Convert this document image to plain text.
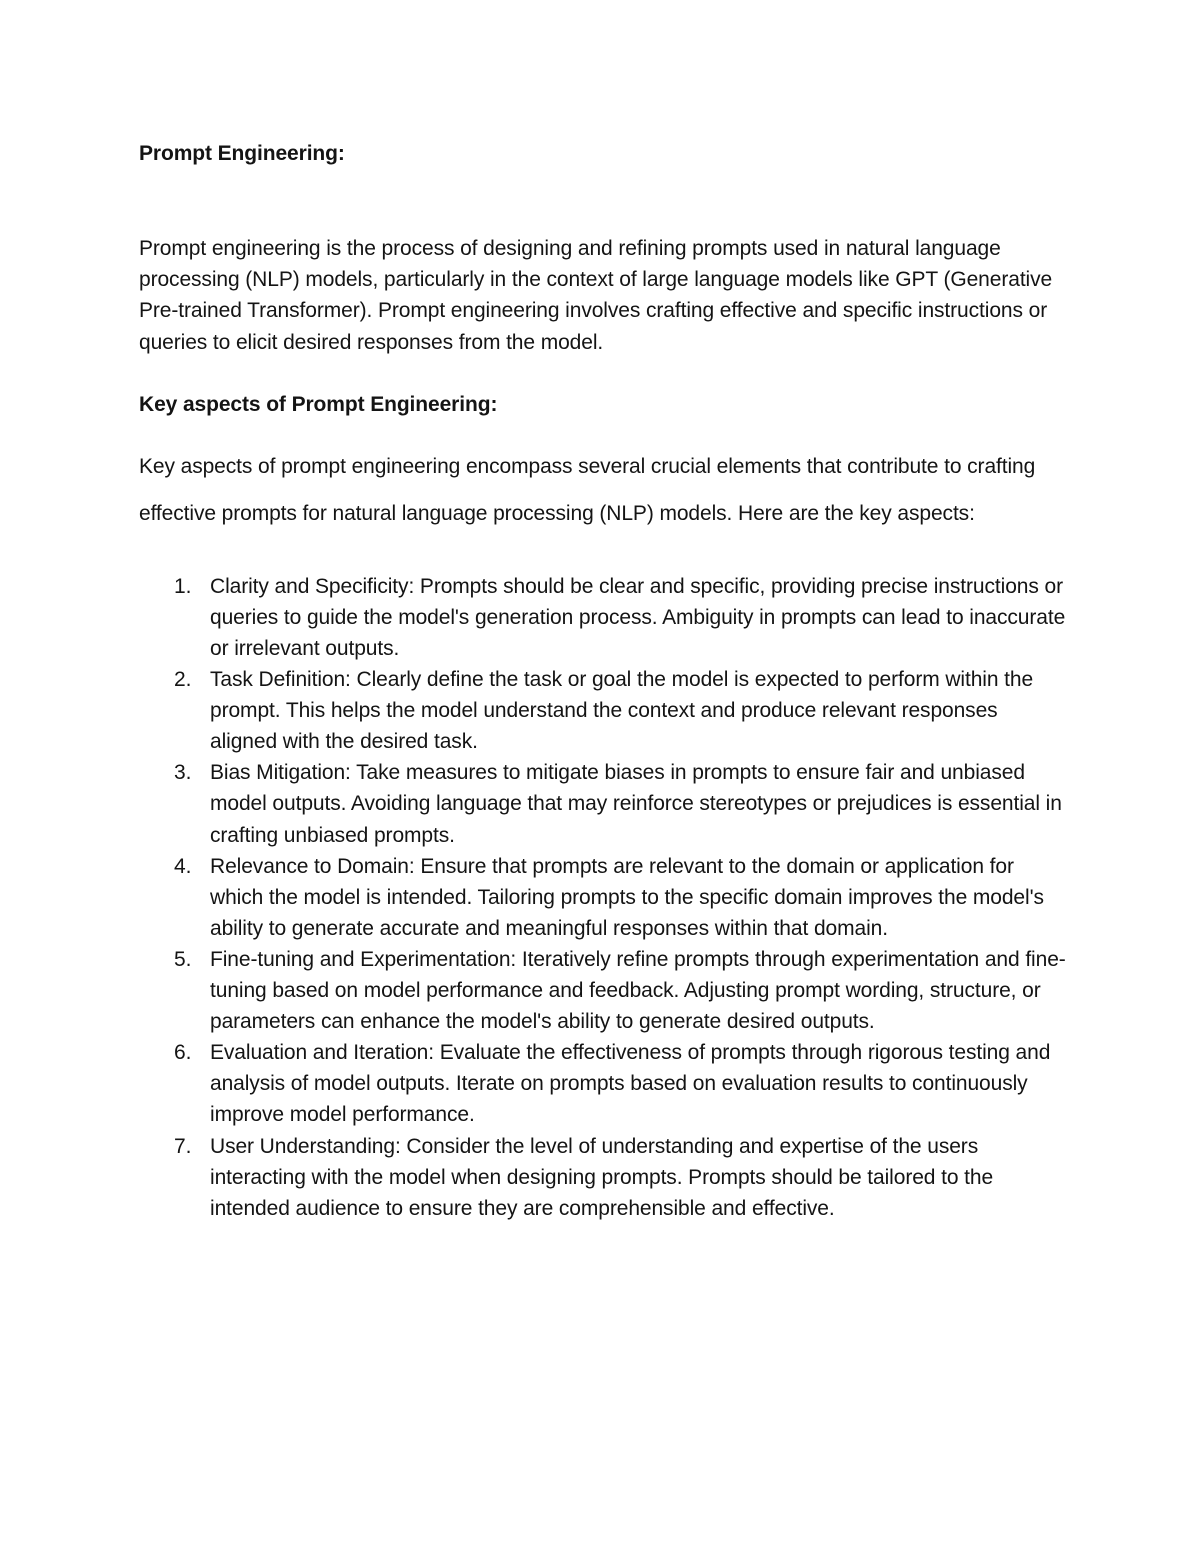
Prompt Engineering:

Prompt engineering is the process of designing and refining prompts used in natural language processing (NLP) models, particularly in the context of large language models like GPT (Generative Pre-trained Transformer). Prompt engineering involves crafting effective and specific instructions or queries to elicit desired responses from the model.

Key aspects of Prompt Engineering:

Key aspects of prompt engineering encompass several crucial elements that contribute to crafting effective prompts for natural language processing (NLP) models. Here are the key aspects:

1. Clarity and Specificity: Prompts should be clear and specific, providing precise instructions or queries to guide the model's generation process. Ambiguity in prompts can lead to inaccurate or irrelevant outputs.
2. Task Definition: Clearly define the task or goal the model is expected to perform within the prompt. This helps the model understand the context and produce relevant responses aligned with the desired task.
3. Bias Mitigation: Take measures to mitigate biases in prompts to ensure fair and unbiased model outputs. Avoiding language that may reinforce stereotypes or prejudices is essential in crafting unbiased prompts.
4. Relevance to Domain: Ensure that prompts are relevant to the domain or application for which the model is intended. Tailoring prompts to the specific domain improves the model's ability to generate accurate and meaningful responses within that domain.
5. Fine-tuning and Experimentation: Iteratively refine prompts through experimentation and fine-tuning based on model performance and feedback. Adjusting prompt wording, structure, or parameters can enhance the model's ability to generate desired outputs.
6. Evaluation and Iteration: Evaluate the effectiveness of prompts through rigorous testing and analysis of model outputs. Iterate on prompts based on evaluation results to continuously improve model performance.
7. User Understanding: Consider the level of understanding and expertise of the users interacting with the model when designing prompts. Prompts should be tailored to the intended audience to ensure they are comprehensible and effective.
